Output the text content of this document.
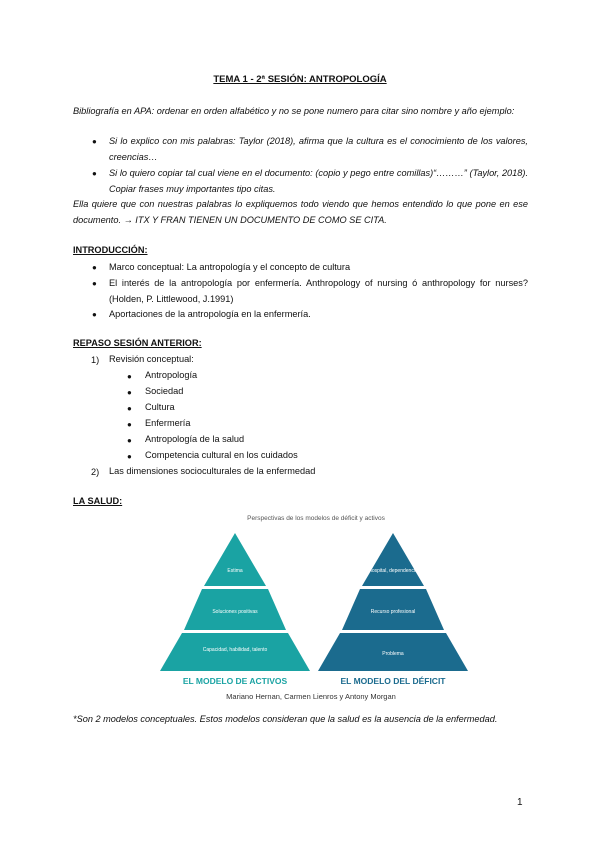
TEMA 1 - 2ª SESIÓN: ANTROPOLOGÍA
Bibliografía en APA: ordenar en orden alfabético y no se pone numero para citar sino nombre y año ejemplo:
● Si lo explico con mis palabras: Taylor (2018), afirma que la cultura es el conocimiento de los valores, creencias…
● Si lo quiero copiar tal cual viene en el documento: (copio y pego entre comillas)“………” (Taylor, 2018). Copiar frases muy importantes tipo citas.
Ella quiere que con nuestras palabras lo expliquemos todo viendo que hemos entendido lo que pone en ese documento. → ITX Y FRAN TIENEN UN DOCUMENTO DE COMO SE CITA.
INTRODUCCIÓN:
● Marco conceptual: La antropología y el concepto de cultura
● El interés de la antropología por enfermería. Anthropology of nursing ó anthropology for nurses? (Holden, P. Littlewood, J.1991)
● Aportaciones de la antropología en la enfermería.
REPASO SESIÓN ANTERIOR:
1) Revisión conceptual:
● Antropología
● Sociedad
● Cultura
● Enfermería
● Antropología de la salud
● Competencia cultural en los cuidados
2) Las dimensiones socioculturales de la enfermedad
LA SALUD:
Perspectivas de los modelos de déficit y activos
Estima
Soluciones positivas
Capacidad, habilidad, talento
Hospital, dependencia
Recurso profesional
Problema
EL MODELO DE ACTIVOS	EL MODELO DEL DÉFICIT
Mariano Hernan, Carmen Lienros y Antony Morgan
*Son 2 modelos conceptuales. Estos modelos consideran que la salud es la ausencia de la enfermedad.
1
